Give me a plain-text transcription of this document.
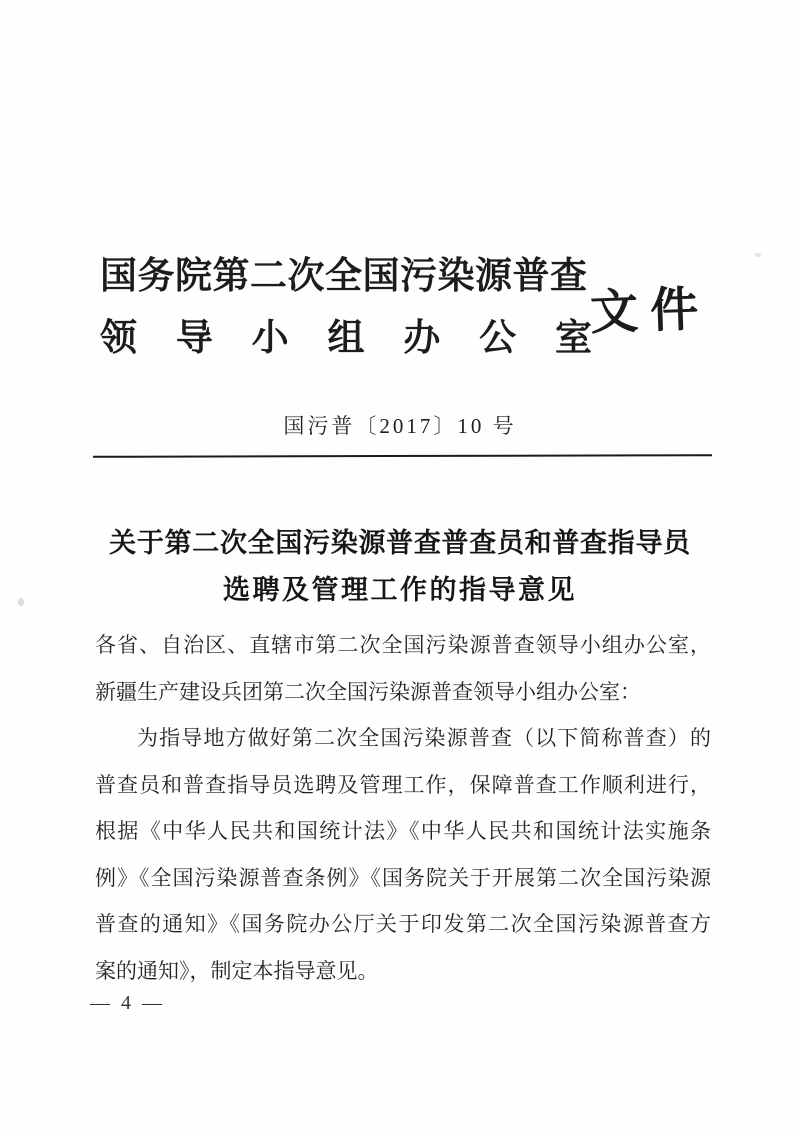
国务院第二次全国污染源普查
领导小组办公室
文件
国污普〔2017〕10 号
关于第二次全国污染源普查普查员和普查指导员
选聘及管理工作的指导意见
各省、自治区、直辖市第二次全国污染源普查领导小组办公室，
新疆生产建设兵团第二次全国污染源普查领导小组办公室：
为指导地方做好第二次全国污染源普查（以下简称普查）的
普查员和普查指导员选聘及管理工作，保障普查工作顺利进行，
根据《中华人民共和国统计法》《中华人民共和国统计法实施条
例》《全国污染源普查条例》《国务院关于开展第二次全国污染源
普查的通知》《国务院办公厅关于印发第二次全国污染源普查方
案的通知》，制定本指导意见。
— 4 —
